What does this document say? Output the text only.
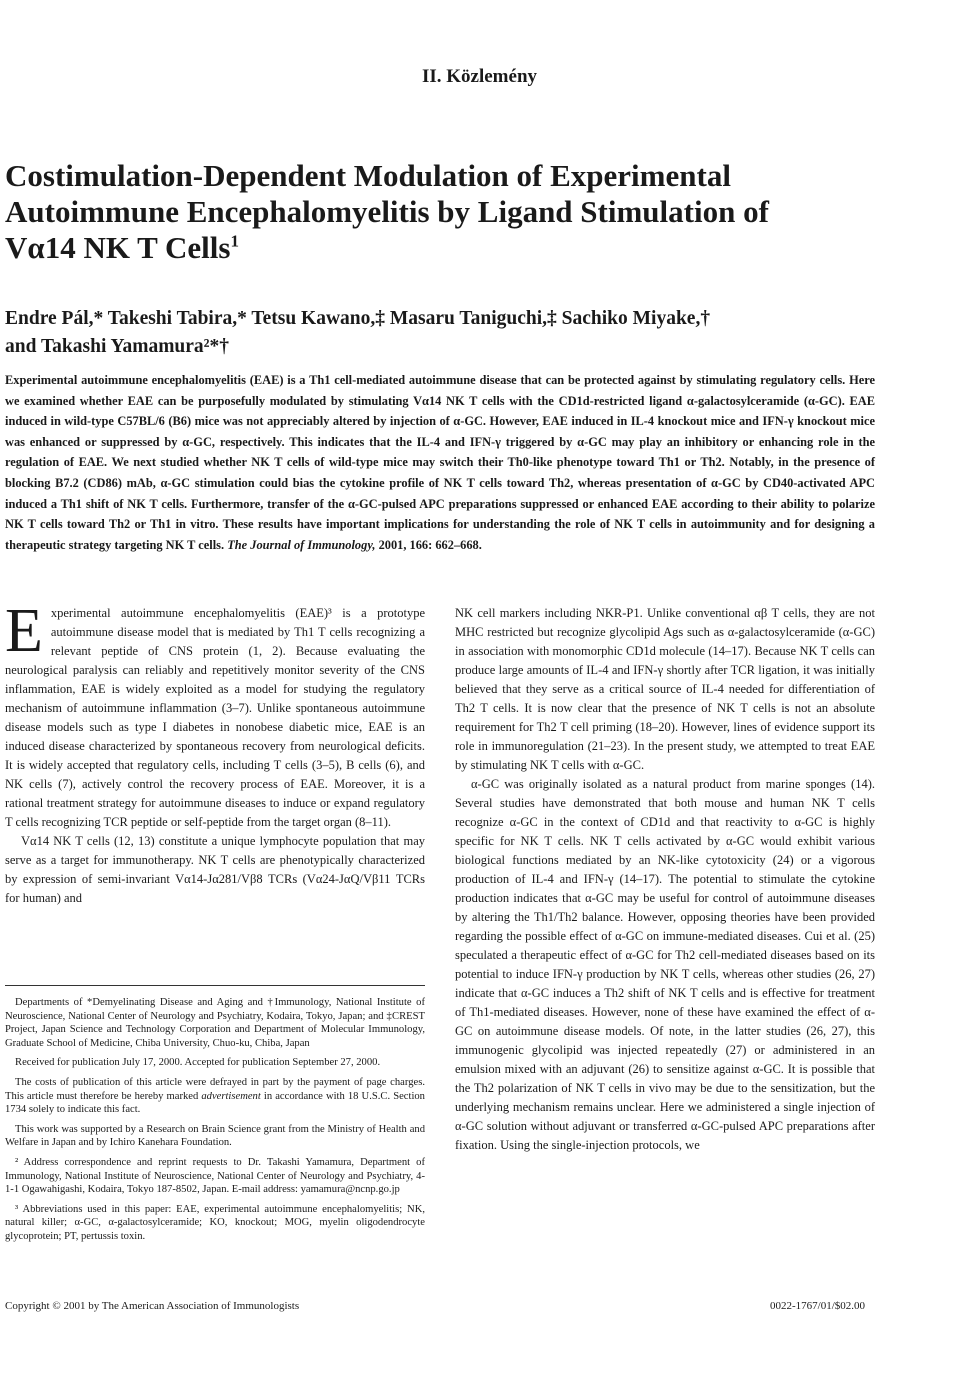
II. Közlemény
Costimulation-Dependent Modulation of Experimental
Autoimmune Encephalomyelitis by Ligand Stimulation of
Vα14 NK T Cells$^1$
Endre Pál,* Takeshi Tabira,* Tetsu Kawano,‡ Masaru Taniguchi,‡ Sachiko Miyake,†
and Takashi Yamamura²*†

Experimental autoimmune encephalomyelitis (EAE) is a Th1 cell-mediated autoimmune disease that can be protected against by stimulating regulatory cells. Here we examined whether EAE can be purposefully modulated by stimulating Vα14 NK T cells with the CD1d-restricted ligand α-galactosylceramide (α-GC). EAE induced in wild-type C57BL/6 (B6) mice was not appreciably altered by injection of α-GC. However, EAE induced in IL-4 knockout mice and IFN-γ knockout mice was enhanced or suppressed by α-GC, respectively. This indicates that the IL-4 and IFN-γ triggered by α-GC may play an inhibitory or enhancing role in the regulation of EAE. We next studied whether NK T cells of wild-type mice may switch their Th0-like phenotype toward Th1 or Th2. Notably, in the presence of blocking B7.2 (CD86) mAb, α-GC stimulation could bias the cytokine profile of NK T cells toward Th2, whereas presentation of α-GC by CD40-activated APC induced a Th1 shift of NK T cells. Furthermore, transfer of the α-GC-pulsed APC preparations suppressed or enhanced EAE according to their ability to polarize NK T cells toward Th2 or Th1 in vitro. These results have important implications for understanding the role of NK T cells in autoimmunity and for designing a therapeutic strategy targeting NK T cells. The Journal of Immunology, 2001, 166: 662–668.

Experimental autoimmune encephalomyelitis (EAE)³ is a prototype autoimmune disease model that is mediated by Th1 T cells recognizing a relevant peptide of CNS protein (1, 2). Because evaluating the neurological paralysis can reliably and repetitively monitor severity of the CNS inflammation, EAE is widely exploited as a model for studying the regulatory mechanism of autoimmune inflammation (3–7). Unlike spontaneous autoimmune disease models such as type I diabetes in nonobese diabetic mice, EAE is an induced disease characterized by spontaneous recovery from neurological deficits. It is widely accepted that regulatory cells, including T cells (3–5), B cells (6), and NK cells (7), actively control the recovery process of EAE. Moreover, it is a rational treatment strategy for autoimmune diseases to induce or expand regulatory T cells recognizing TCR peptide or self-peptide from the target organ (8–11).

Vα14 NK T cells (12, 13) constitute a unique lymphocyte population that may serve as a target for immunotherapy. NK T cells are phenotypically characterized by expression of semi-invariant Vα14-Jα281/Vβ8 TCRs (Vα24-JαQ/Vβ11 TCRs for human) and

Departments of *Demyelinating Disease and Aging and †Immunology, National Institute of Neuroscience, National Center of Neurology and Psychiatry, Kodaira, Tokyo, Japan; and ‡CREST Project, Japan Science and Technology Corporation and Department of Molecular Immunology, Graduate School of Medicine, Chiba University, Chuo-ku, Chiba, Japan

Received for publication July 17, 2000. Accepted for publication September 27, 2000.

The costs of publication of this article were defrayed in part by the payment of page charges. This article must therefore be hereby marked advertisement in accordance with 18 U.S.C. Section 1734 solely to indicate this fact.

This work was supported by a Research on Brain Science grant from the Ministry of Health and Welfare in Japan and by Ichiro Kanehara Foundation.

² Address correspondence and reprint requests to Dr. Takashi Yamamura, Department of Immunology, National Institute of Neuroscience, National Center of Neurology and Psychiatry, 4-1-1 Ogawahigashi, Kodaira, Tokyo 187-8502, Japan. E-mail address: yamamura@ncnp.go.jp

³ Abbreviations used in this paper: EAE, experimental autoimmune encephalomyelitis; NK, natural killer; α-GC, α-galactosylceramide; KO, knockout; MOG, myelin oligodendrocyte glycoprotein; PT, pertussis toxin.

NK cell markers including NKR-P1. Unlike conventional αβ T cells, they are not MHC restricted but recognize glycolipid Ags such as α-galactosylceramide (α-GC) in association with monomorphic CD1d molecule (14–17). Because NK T cells can produce large amounts of IL-4 and IFN-γ shortly after TCR ligation, it was initially believed that they serve as a critical source of IL-4 needed for differentiation of Th2 T cells. It is now clear that the presence of NK T cells is not an absolute requirement for Th2 T cell priming (18–20). However, lines of evidence support its role in immunoregulation (21–23). In the present study, we attempted to treat EAE by stimulating NK T cells with α-GC.

α-GC was originally isolated as a natural product from marine sponges (14). Several studies have demonstrated that both mouse and human NK T cells recognize α-GC in the context of CD1d and that reactivity to α-GC is highly specific for NK T cells. NK T cells activated by α-GC would exhibit various biological functions mediated by an NK-like cytotoxicity (24) or a vigorous production of IL-4 and IFN-γ (14–17). The potential to stimulate the cytokine production indicates that α-GC may be useful for control of autoimmune diseases by altering the Th1/Th2 balance. However, opposing theories have been provided regarding the possible effect of α-GC on immune-mediated diseases. Cui et al. (25) speculated a therapeutic effect of α-GC for Th2 cell-mediated diseases based on its potential to induce IFN-γ production by NK T cells, whereas other studies (26, 27) indicate that α-GC induces a Th2 shift of NK T cells and is effective for treatment of Th1-mediated diseases. However, none of these have examined the effect of α-GC on autoimmune disease models. Of note, in the latter studies (26, 27), this immunogenic glycolipid was injected repeatedly (27) or administered in an emulsion mixed with an adjuvant (26) to sensitize against α-GC. It is possible that the Th2 polarization of NK T cells in vivo may be due to the sensitization, but the underlying mechanism remains unclear. Here we administered a single injection of α-GC solution without adjuvant or transferred α-GC-pulsed APC preparations after fixation. Using the single-injection protocols, we

Copyright © 2001 by The American Association of Immunologists	0022-1767/01/$02.00
